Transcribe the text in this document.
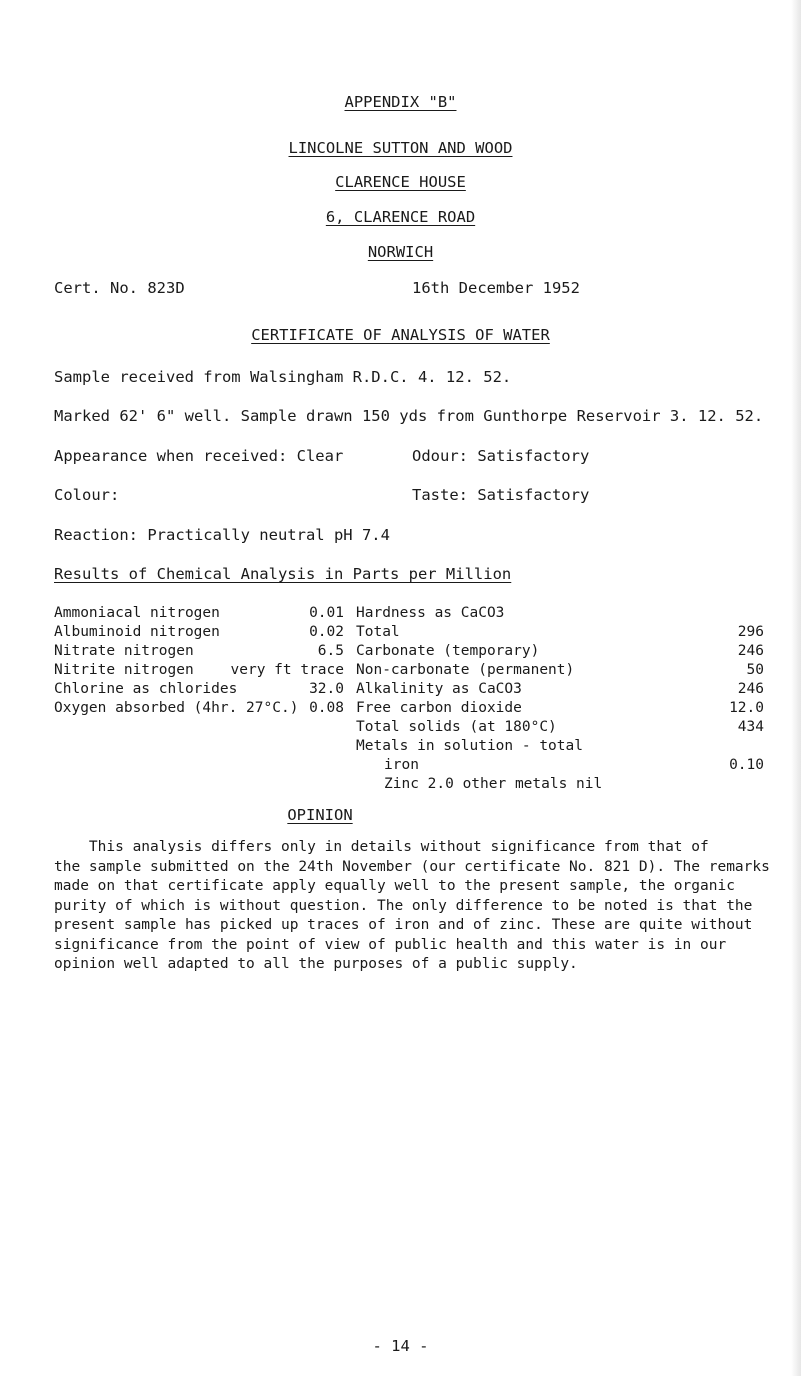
APPENDIX "B"
LINCOLNE SUTTON AND WOOD
CLARENCE HOUSE
6, CLARENCE ROAD
NORWICH
Cert. No. 823D	16th December 1952
CERTIFICATE OF ANALYSIS OF WATER
Sample received from Walsingham R.D.C. 4. 12. 52.
Marked 62' 6" well. Sample drawn 150 yds from Gunthorpe Reservoir 3. 12. 52.
Appearance when received: Clear	Odour: Satisfactory
Colour:	Taste: Satisfactory
Reaction: Practically neutral pH 7.4
Results of Chemical Analysis in Parts per Million
Ammoniacal nitrogen	0.01
Albuminoid nitrogen	0.02
Nitrate nitrogen	6.5
Nitrite nitrogen	very ft trace
Chlorine as chlorides	32.0
Oxygen absorbed (4hr. 27°C.) 0.08
Hardness as CaCO3
Total	296
Carbonate (temporary)	246
Non-carbonate (permanent)	50
Alkalinity as CaCO3	246
Free carbon dioxide	12.0
Total solids (at 180°C)	434
Metals in solution - total
iron	0.10
Zinc 2.0 other metals nil
OPINION

This analysis differs only in details without significance from that of

the sample submitted on the 24th November (our certificate No. 821 D). The remarks

made on that certificate apply equally well to the present sample, the organic

purity of which is without question. The only difference to be noted is that the

present sample has picked up traces of iron and of zinc. These are quite without

significance from the point of view of public health and this water is in our

opinion well adapted to all the purposes of a public supply.

- 14 -
